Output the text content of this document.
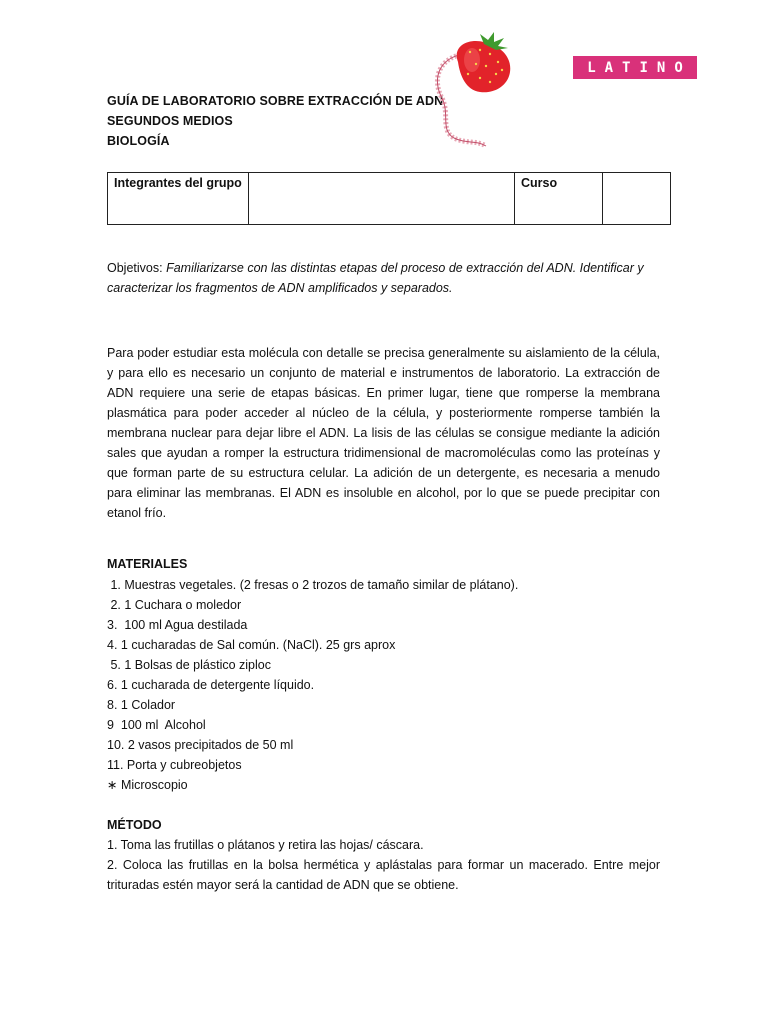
GUÍA DE LABORATORIO SOBRE EXTRACCIÓN DE ADN
SEGUNDOS MEDIOS
BIOLOGÍA
LATINO
Integrantes del grupo		Curso	
Objetivos: Familiarizarse con las distintas etapas del proceso de extracción del ADN. Identificar y caracterizar los fragmentos de ADN amplificados y separados.
Para poder estudiar esta molécula con detalle se precisa generalmente su aislamiento de la célula, y para ello es necesario un conjunto de material e instrumentos de laboratorio. La extracción de ADN requiere una serie de etapas básicas. En primer lugar, tiene que romperse la membrana plasmática para poder acceder al núcleo de la célula, y posteriormente romperse también la membrana nuclear para dejar libre el ADN. La lisis de las células se consigue mediante la adición sales que ayudan a romper la estructura tridimensional de macromoléculas como las proteínas y que forman parte de su estructura celular. La adición de un detergente, es necesaria a menudo para eliminar las membranas. El ADN es insoluble en alcohol, por lo que se puede precipitar con etanol frío.
MATERIALES
1. Muestras vegetales. (2 fresas o 2 trozos de tamaño similar de plátano).
2. 1 Cuchara o moledor
3.  100 ml Agua destilada
4. 1 cucharadas de Sal común. (NaCl). 25 grs aprox
5. 1 Bolsas de plástico ziploc
6. 1 cucharada de detergente líquido.
8. 1 Colador
9  100 ml  Alcohol
10. 2 vasos precipitados de 50 ml
11. Porta y cubreobjetos
∗ Microscopio
MÉTODO
1. Toma las frutillas o plátanos y retira las hojas/ cáscara.
2. Coloca las frutillas en la bolsa hermética y aplástalas para formar un macerado. Entre mejor trituradas estén mayor será la cantidad de ADN que se obtiene.
